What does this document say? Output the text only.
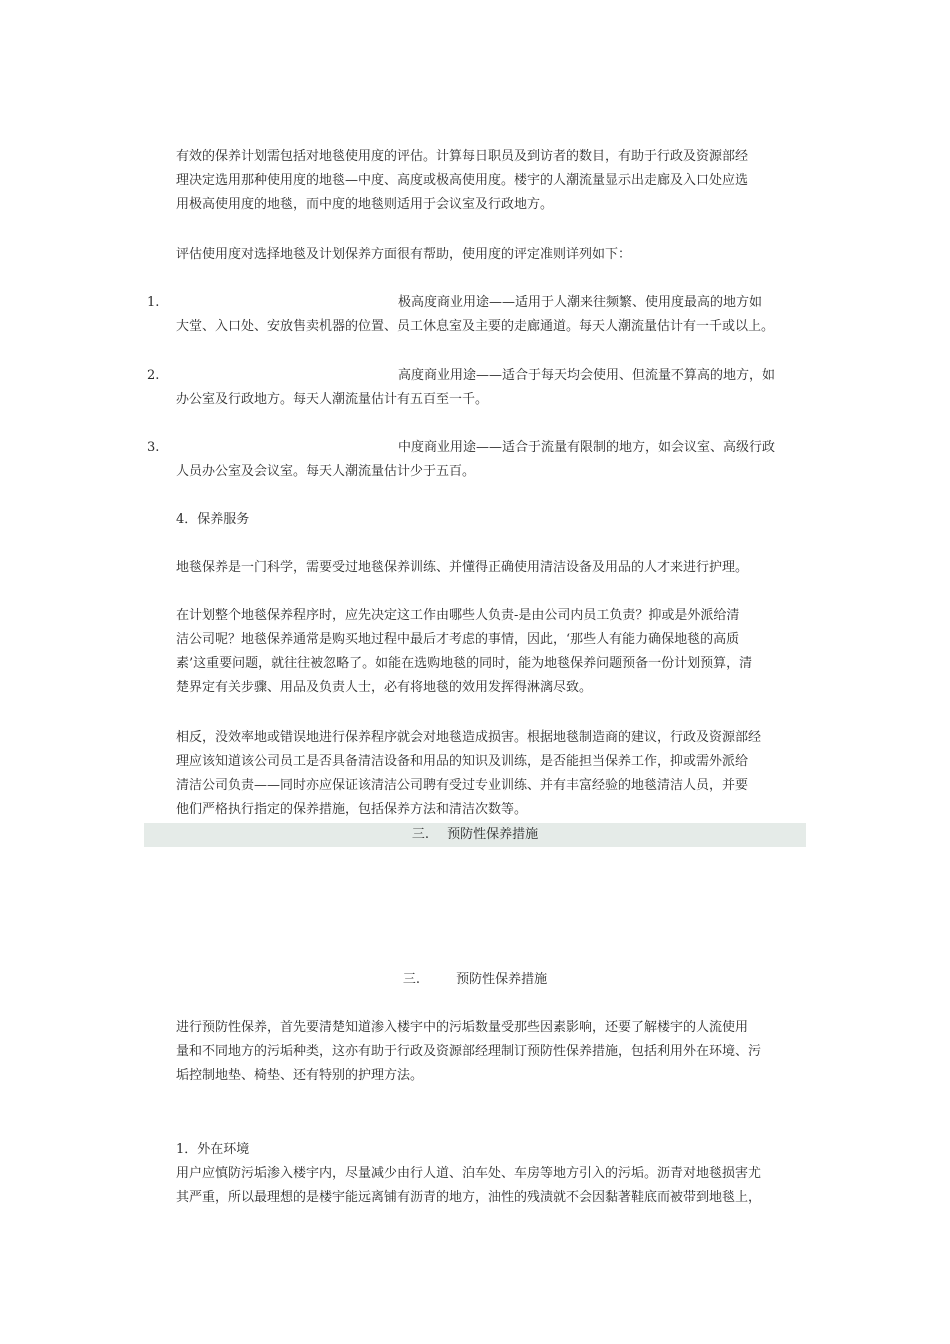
有效的保养计划需包括对地毯使用度的评估。计算每日职员及到访者的数目，有助于行政及资源部经
理决定选用那种使用度的地毯—中度、高度或极高使用度。楼宇的人潮流量显示出走廊及入口处应选
用极高使用度的地毯，而中度的地毯则适用于会议室及行政地方。
评估使用度对选择地毯及计划保养方面很有帮助，使用度的评定准则详列如下：
1.	极高度商业用途——适用于人潮来往频繁、使用度最高的地方如
大堂、入口处、安放售卖机器的位置、员工休息室及主要的走廊通道。每天人潮流量估计有一千或以上。
2.	高度商业用途——适合于每天均会使用、但流量不算高的地方，如
办公室及行政地方。每天人潮流量估计有五百至一千。
3.	中度商业用途——适合于流量有限制的地方，如会议室、高级行政
人员办公室及会议室。每天人潮流量估计少于五百。
4．保养服务
地毯保养是一门科学，需要受过地毯保养训练、并懂得正确使用清洁设备及用品的人才来进行护理。
在计划整个地毯保养程序时，应先决定这工作由哪些人负责-是由公司内员工负责？抑或是外派给清
洁公司呢？地毯保养通常是购买地过程中最后才考虑的事情，因此，‘那些人有能力确保地毯的高质
素’这重要问题，就往往被忽略了。如能在选购地毯的同时，能为地毯保养问题预备一份计划预算，清
楚界定有关步骤、用品及负责人士，必有将地毯的效用发挥得淋漓尽致。
相反，没效率地或错误地进行保养程序就会对地毯造成损害。根据地毯制造商的建议，行政及资源部经
理应该知道该公司员工是否具备清洁设备和用品的知识及训练，是否能担当保养工作，抑或需外派给
清洁公司负责——同时亦应保证该清洁公司聘有受过专业训练、并有丰富经验的地毯清洁人员，并要
他们严格执行指定的保养措施，包括保养方法和清洁次数等。
三. 预防性保养措施
三.	预防性保养措施
进行预防性保养，首先要清楚知道渗入楼宇中的污垢数量受那些因素影响，还要了解楼宇的人流使用
量和不同地方的污垢种类，这亦有助于行政及资源部经理制订预防性保养措施，包括利用外在环境、污
垢控制地垫、椅垫、还有特别的护理方法。
1．外在环境
用户应慎防污垢渗入楼宇内，尽量减少由行人道、泊车处、车房等地方引入的污垢。沥青对地毯损害尤
其严重，所以最理想的是楼宇能远离铺有沥青的地方，油性的残渍就不会因黏著鞋底而被带到地毯上，
